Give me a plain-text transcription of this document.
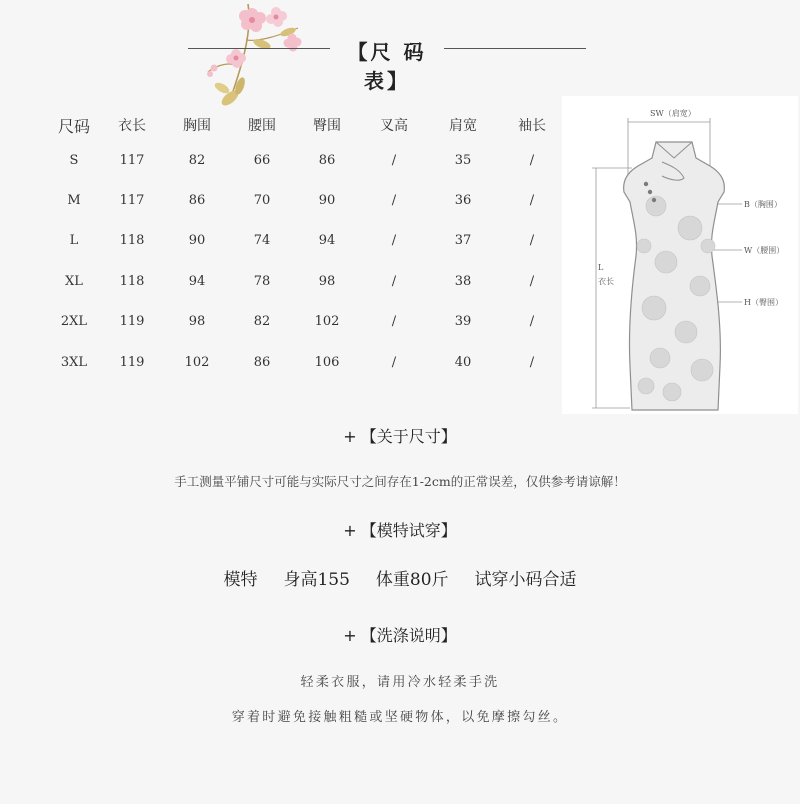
【尺 码 表】
尺码	衣长	胸围	腰围	臀围	叉高	肩宽	袖长
S	117	82	66	86	/	35	/
M	117	86	70	90	/	36	/
L	118	90	74	94	/	37	/
XL	118	94	78	98	/	38	/
2XL	119	98	82	102	/	39	/
3XL	119	102	86	106	/	40	/
SW（肩宽）
B（胸围）
W（腰围）
H（臀围）
L
衣长
+ 【关于尺寸】
手工测量平铺尺寸可能与实际尺寸之间存在1-2cm的正常误差，仅供参考请谅解！
+ 【模特试穿】
模特 身高155 体重80斤 试穿小码合适
+ 【洗涤说明】
轻柔衣服，请用冷水轻柔手洗
穿着时避免接触粗糙或坚硬物体，以免摩擦勾丝。
